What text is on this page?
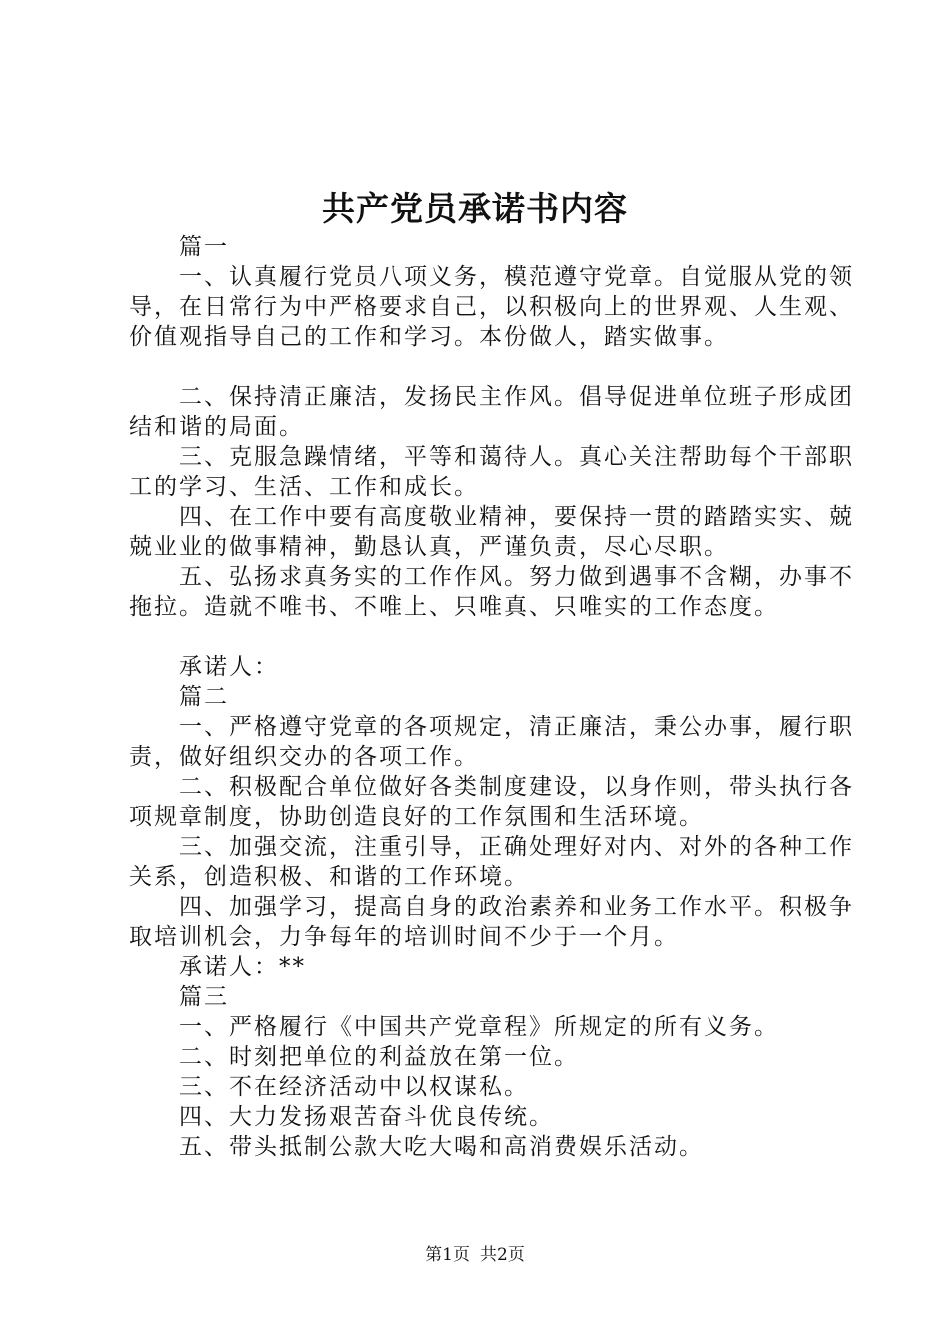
共产党员承诺书内容

篇一

一、认真履行党员八项义务，模范遵守党章。自觉服从党的领导，在日常行为中严格要求自己，以积极向上的世界观、人生观、价值观指导自己的工作和学习。本份做人，踏实做事。

二、保持清正廉洁，发扬民主作风。倡导促进单位班子形成团结和谐的局面。

三、克服急躁情绪，平等和蔼待人。真心关注帮助每个干部职工的学习、生活、工作和成长。

四、在工作中要有高度敬业精神，要保持一贯的踏踏实实、兢兢业业的做事精神，勤恳认真，严谨负责，尽心尽职。

五、弘扬求真务实的工作作风。努力做到遇事不含糊，办事不拖拉。造就不唯书、不唯上、只唯真、只唯实的工作态度。

承诺人：

篇二

一、严格遵守党章的各项规定，清正廉洁，秉公办事，履行职责，做好组织交办的各项工作。

二、积极配合单位做好各类制度建设，以身作则，带头执行各项规章制度，协助创造良好的工作氛围和生活环境。

三、加强交流，注重引导，正确处理好对内、对外的各种工作关系，创造积极、和谐的工作环境。

四、加强学习，提高自身的政治素养和业务工作水平。积极争取培训机会，力争每年的培训时间不少于一个月。

承诺人：**

篇三

一、严格履行《中国共产党章程》所规定的所有义务。

二、时刻把单位的利益放在第一位。

三、不在经济活动中以权谋私。

四、大力发扬艰苦奋斗优良传统。

五、带头抵制公款大吃大喝和高消费娱乐活动。

第1页 共2页
